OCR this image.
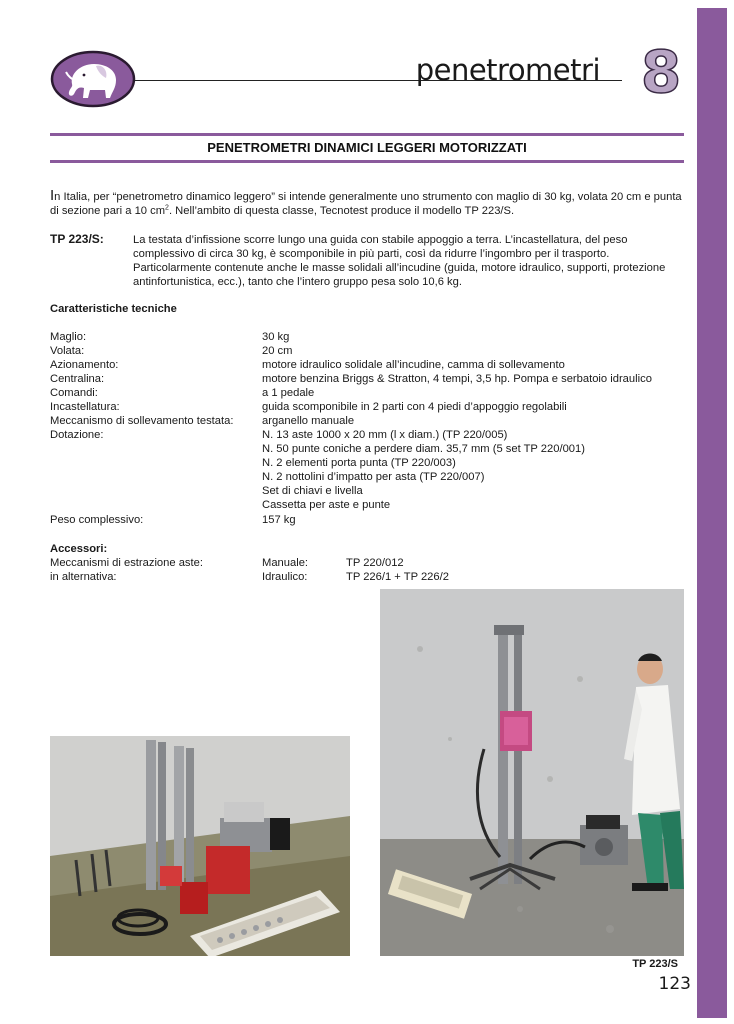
penetrometri 8
PENETROMETRI DINAMICI LEGGERI MOTORIZZATI
In Italia, per “penetrometro dinamico leggero” si intende generalmente uno strumento con maglio di 30 kg, volata 20 cm e punta di sezione pari a 10 $cm^2$. Nell’ambito di questa classe, Tecnotest produce il modello TP 223/S.
TP 223/S:	La testata d’infissione scorre lungo una guida con stabile appoggio a terra. L’incastellatura, del peso complessivo di circa 30 kg, è scomponibile in più parti, così da ridurre l’ingombro per il trasporto. Particolarmente contenute anche le masse solidali all’incudine (guida, motore idraulico, supporti, protezione antinfortunistica, ecc.), tanto che l’intero gruppo pesa solo 10,6 kg.
Caratteristiche tecniche
Maglio:	30 kg
Volata:	20 cm
Azionamento:	motore idraulico solidale all’incudine, camma di sollevamento
Centralina:	motore benzina Briggs & Stratton, 4 tempi, 3,5 hp. Pompa e serbatoio idraulico
Comandi:	a 1 pedale
Incastellatura:	guida scomponibile in 2 parti con 4 piedi d’appoggio regolabili
Meccanismo di sollevamento testata:	arganello manuale
Dotazione:	N. 13 aste 1000 x 20 mm (l x diam.) (TP 220/005)
N. 50 punte coniche a perdere diam. 35,7 mm (5 set TP 220/001)
N. 2 elementi porta punta (TP 220/003)
N. 2 nottolini d’impatto per asta (TP 220/007)
Set di chiavi e livella
Cassetta per aste e punte
Peso complessivo:	157 kg
Accessori:
Meccanismi di estrazione aste:	Manuale:	TP 220/012
in alternativa:	Idraulico:	TP 226/1 + TP 226/2
TP 223/S
123
